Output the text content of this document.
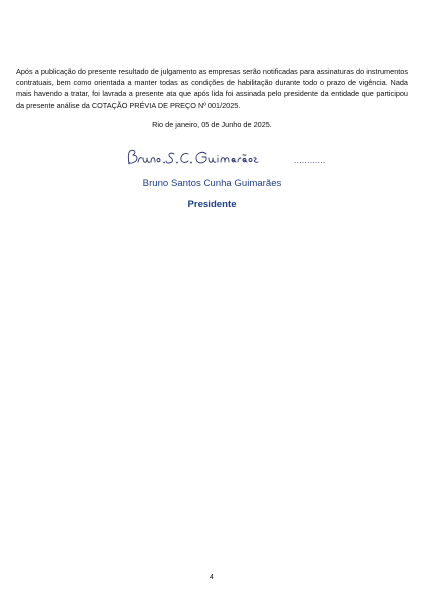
Após a publicação do presente resultado de julgamento as empresas serão notificadas para assinaturas do instrumentos contratuais, bem como orientada a manter todas as condições de habilitação durante todo o prazo de vigência. Nada mais havendo a tratar, foi lavrada a presente ata que após lida foi assinada pelo presidente da entidade que participou da presente análise da COTAÇÃO PRÉVIA DE PREÇO Nº 001/2025.

Rio de janeiro, 05 de Junho de 2025.

............

Bruno Santos Cunha Guimarães

Presidente

4
